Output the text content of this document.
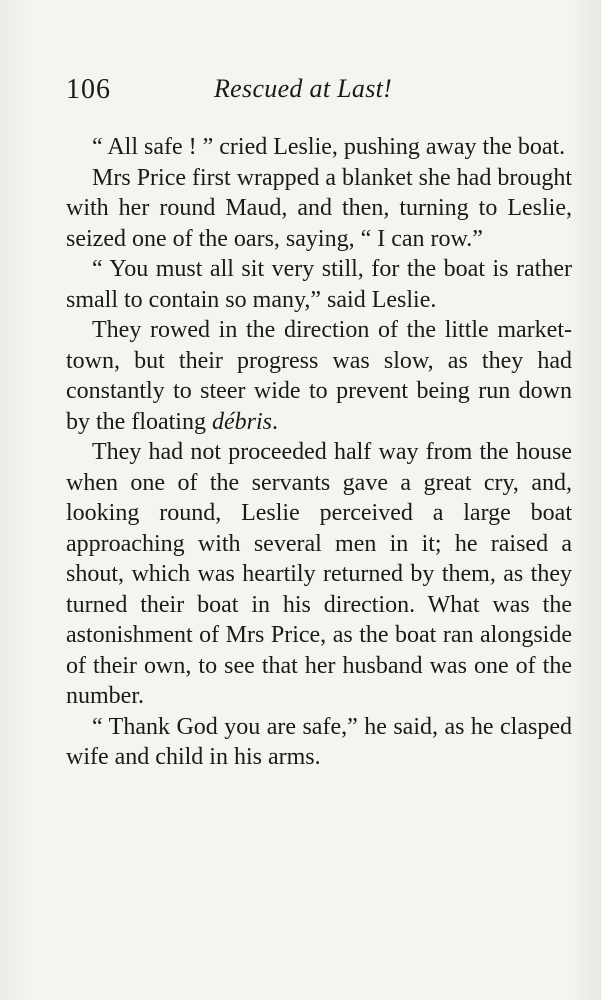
106	Rescued at Last!

“ All safe ! ” cried Leslie, pushing away the boat.

Mrs Price first wrapped a blanket she had brought with her round Maud, and then, turning to Leslie, seized one of the oars, saying, “ I can row.”

“ You must all sit very still, for the boat is rather small to contain so many,” said Leslie.

They rowed in the direction of the little market-town, but their progress was slow, as they had constantly to steer wide to prevent being run down by the floating débris.

They had not proceeded half way from the house when one of the servants gave a great cry, and, looking round, Leslie perceived a large boat approaching with several men in it; he raised a shout, which was heartily returned by them, as they turned their boat in his direction. What was the astonishment of Mrs Price, as the boat ran alongside of their own, to see that her husband was one of the number.

“ Thank God you are safe,” he said, as he clasped wife and child in his arms.
